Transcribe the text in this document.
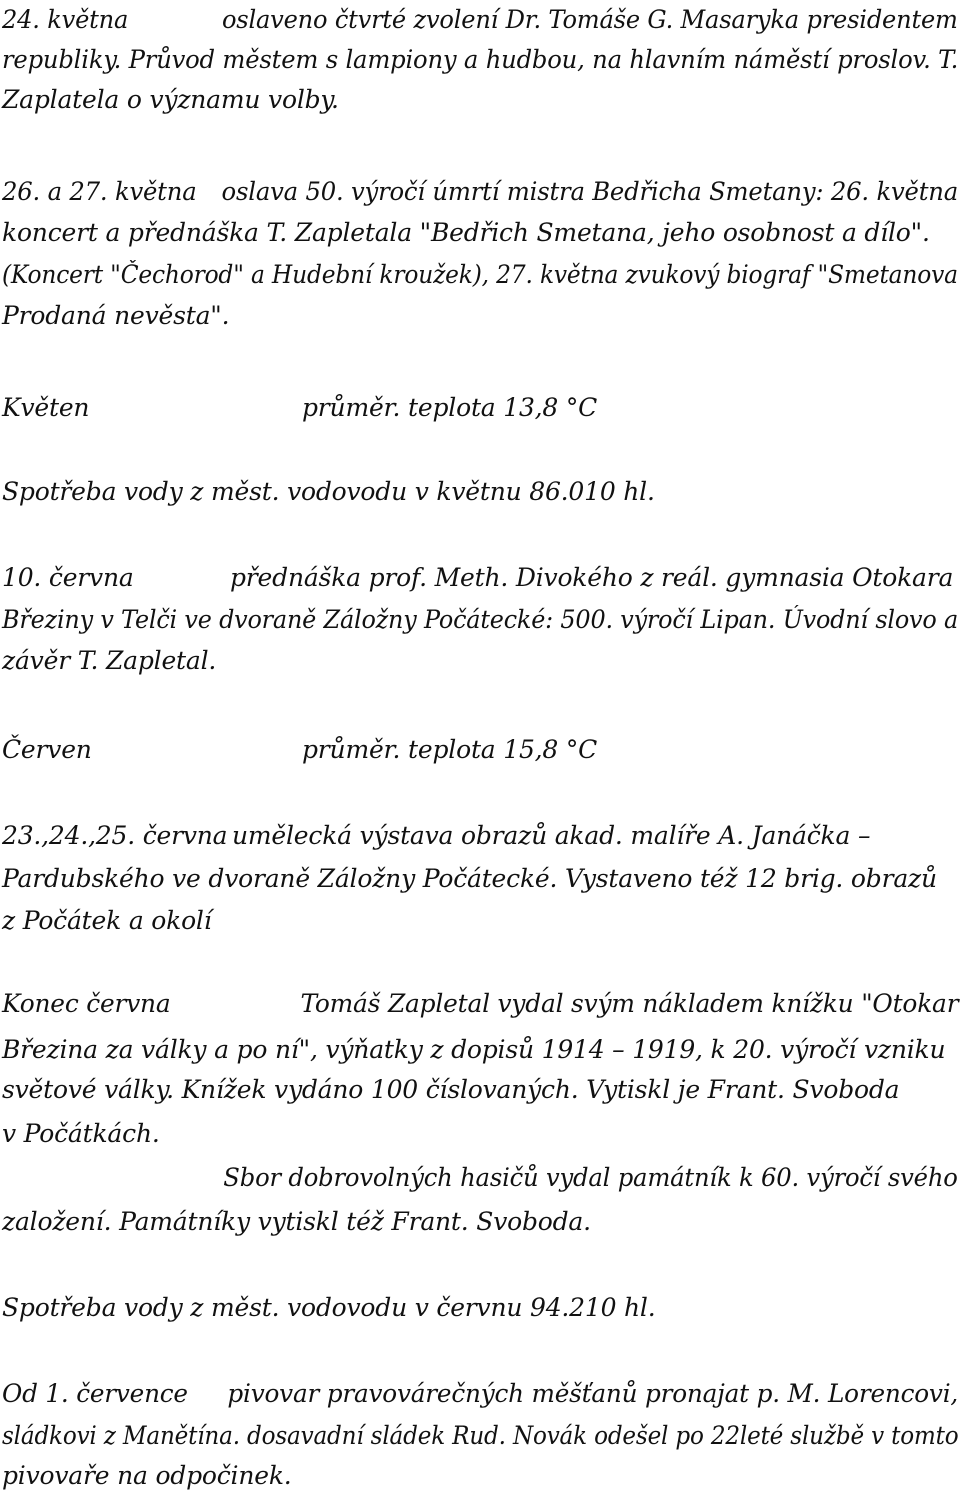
24. května	oslaveno čtvrté zvolení Dr. Tomáše G. Masaryka presidentem
republiky. Průvod městem s lampiony a hudbou, na hlavním náměstí proslov. T.
Zaplatela o významu volby.
26. a 27. května oslava 50. výročí úmrtí mistra Bedřicha Smetany: 26. května
koncert a přednáška T. Zapletala "Bedřich Smetana, jeho osobnost a dílo".
(Koncert "Čechorod" a Hudební kroužek), 27. května zvukový biograf "Smetanova
Prodaná nevěsta".
Květen	průměr. teplota 13,8 °C
Spotřeba vody z měst. vodovodu v květnu 86.010 hl.
10. června	přednáška prof. Meth. Divokého z reál. gymnasia Otokara
Březiny v Telči ve dvoraně Záložny Počátecké: 500. výročí Lipan. Úvodní slovo a
závěr T. Zapletal.
Červen	průměr. teplota 15,8 °C
23.,24.,25. června umělecká výstava obrazů akad. malíře A. Janáčka –
Pardubského ve dvoraně Záložny Počátecké. Vystaveno též 12 brig. obrazů
z Počátek a okolí
Konec června	Tomáš Zapletal vydal svým nákladem knížku "Otokar
Březina za války a po ní", výňatky z dopisů 1914 – 1919, k 20. výročí vzniku
světové války. Knížek vydáno 100 číslovaných. Vytiskl je Frant. Svoboda
v Počátkách.
Sbor dobrovolných hasičů vydal památník k 60. výročí svého
založení. Památníky vytiskl též Frant. Svoboda.
Spotřeba vody z měst. vodovodu v červnu 94.210 hl.
Od 1. července pivovar pravovárečných měšťanů pronajat p. M. Lorencovi,
sládkovi z Manětína. dosavadní sládek Rud. Novák odešel po 22leté službě v tomto
pivovaře na odpočinek.
